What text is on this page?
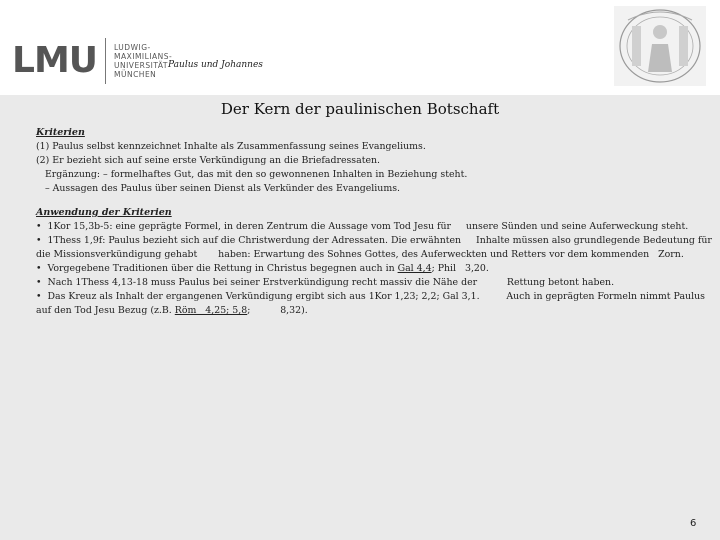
LMU LUDWIG-
MAXIMILIANS-
UNIVERSITÄT
MÜNCHEN
Paulus und Johannes
Der Kern der paulinischen Botschaft
Kriterien
(1) Paulus selbst kennzeichnet Inhalte als Zusammenfassung seines Evangeliums.
(2) Er bezieht sich auf seine erste Verkündigung an die Briefadressaten.
Ergänzung: – formelhaftes Gut, das mit den so gewonnenen Inhalten in Beziehung steht.
– Aussagen des Paulus über seinen Dienst als Verkünder des Evangeliums.
Anwendung der Kriterien
•  1Kor 15,3b-5: eine geprägte Formel, in deren Zentrum die Aussage vom Tod Jesu für     unsere Sünden und seine Auferweckung steht.
•  1Thess 1,9f: Paulus bezieht sich auf die Christwerdung der Adressaten. Die erwähnten     Inhalte müssen also grundlegende Bedeutung für
die Missionsverkündigung gehabt       haben: Erwartung des Sohnes Gottes, des Auferweckten und Retters vor dem kommenden   Zorn.
•  Vorgegebene Traditionen über die Rettung in Christus begegnen auch in Gal 4,4; Phil   3,20.
•  Nach 1Thess 4,13-18 muss Paulus bei seiner Erstverkündigung recht massiv die Nähe der          Rettung betont haben.
•  Das Kreuz als Inhalt der ergangenen Verkündigung ergibt sich aus 1Kor 1,23; 2,2; Gal 3,1.         Auch in geprägten Formeln nimmt Paulus
auf den Tod Jesu Bezug (z.B. Röm   4,25; 5,8;          8,32).
6
